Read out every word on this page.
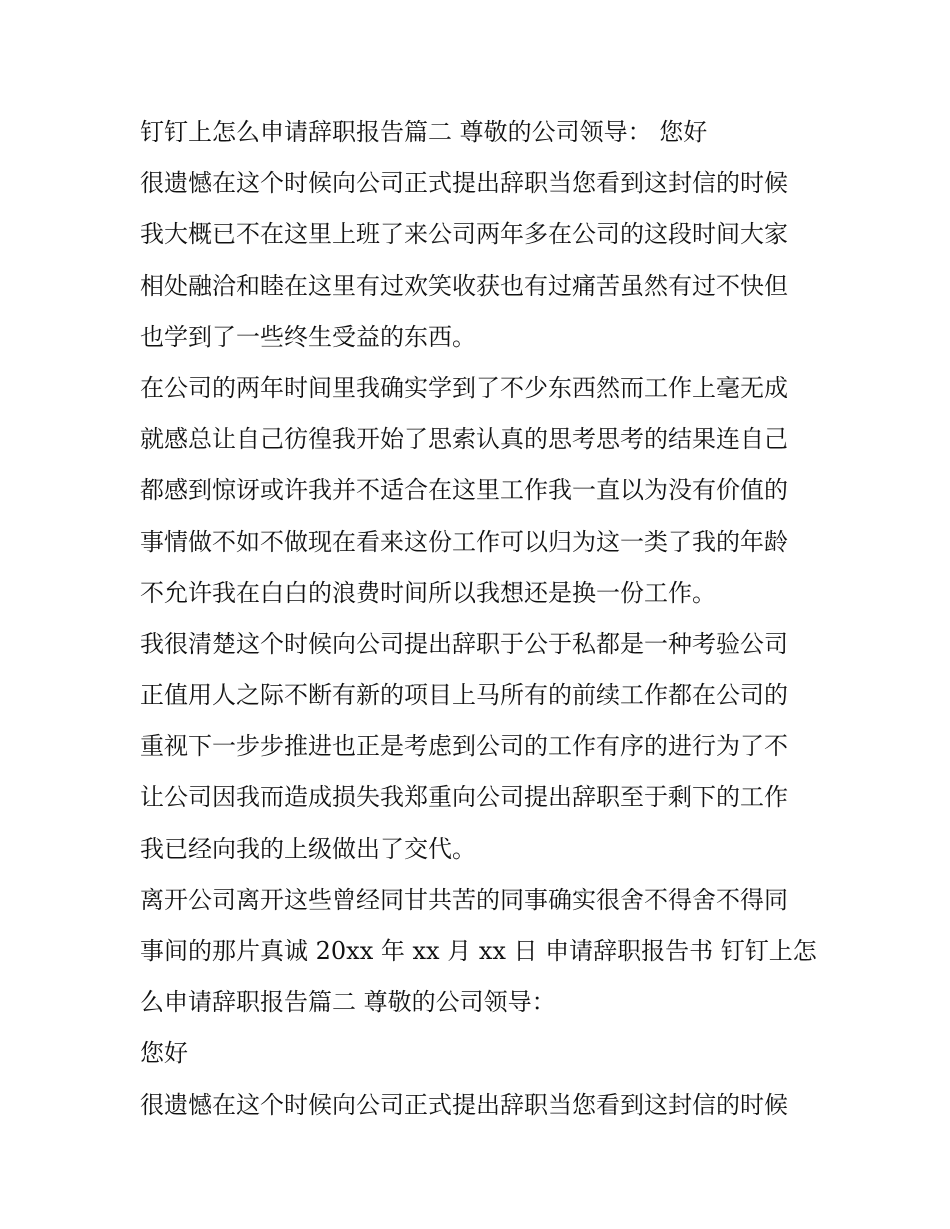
钉钉上怎么申请辞职报告篇二 尊敬的公司领导： 您好
很遗憾在这个时候向公司正式提出辞职当您看到这封信的时候
我大概已不在这里上班了来公司两年多在公司的这段时间大家
相处融洽和睦在这里有过欢笑收获也有过痛苦虽然有过不快但
也学到了一些终生受益的东西。
在公司的两年时间里我确实学到了不少东西然而工作上毫无成
就感总让自己彷徨我开始了思索认真的思考思考的结果连自己
都感到惊讶或许我并不适合在这里工作我一直以为没有价值的
事情做不如不做现在看来这份工作可以归为这一类了我的年龄
不允许我在白白的浪费时间所以我想还是换一份工作。
我很清楚这个时候向公司提出辞职于公于私都是一种考验公司
正值用人之际不断有新的项目上马所有的前续工作都在公司的
重视下一步步推进也正是考虑到公司的工作有序的进行为了不
让公司因我而造成损失我郑重向公司提出辞职至于剩下的工作
我已经向我的上级做出了交代。
离开公司离开这些曾经同甘共苦的同事确实很舍不得舍不得同
事间的那片真诚 20xx 年 xx 月 xx 日 申请辞职报告书 钉钉上怎
么申请辞职报告篇二 尊敬的公司领导：
您好
很遗憾在这个时候向公司正式提出辞职当您看到这封信的时候
